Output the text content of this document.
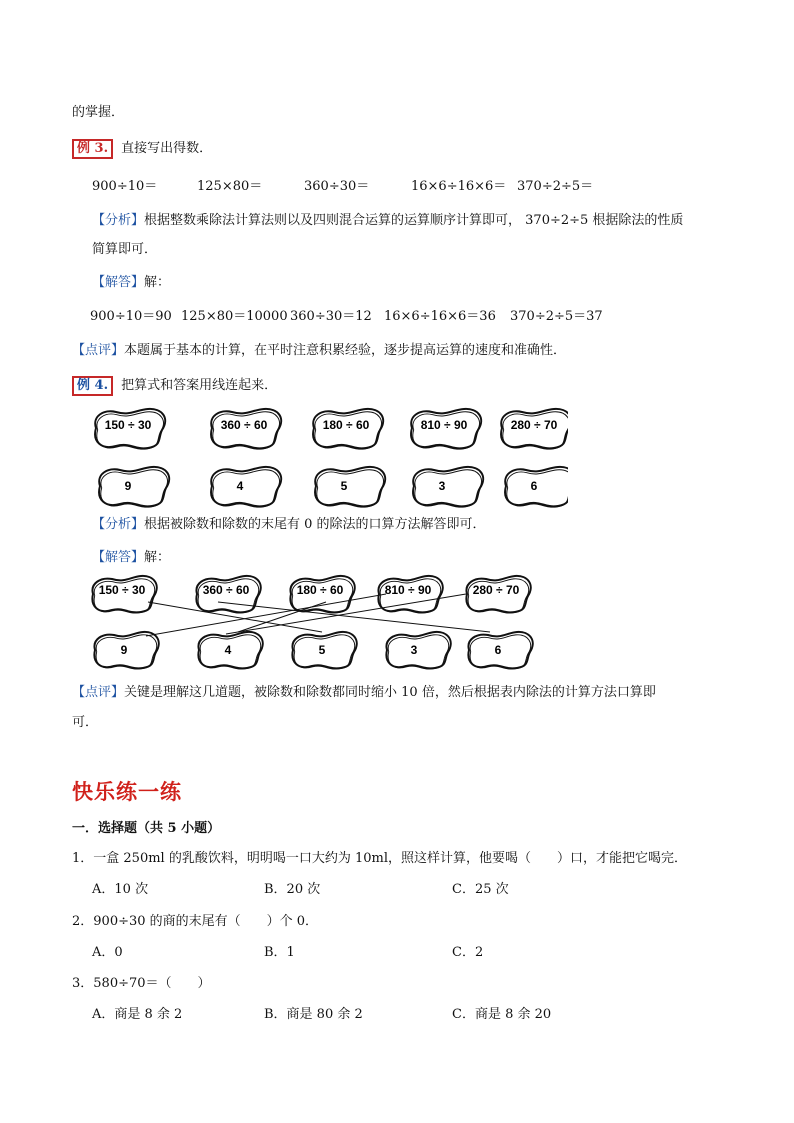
的掌握．
例 3. 直接写出得数．
900÷10＝	125×80＝	360÷30＝	16×6÷16×6＝ 370÷2÷5＝
【分析】根据整数乘除法计算法则以及四则混合运算的运算顺序计算即可， 370÷2÷5 根据除法的性质
简算即可．
【解答】解：
900÷10＝90 125×80＝10000 360÷30＝12 16×6÷16×6＝36 370÷2÷5＝37
【点评】本题属于基本的计算，在平时注意积累经验，逐步提高运算的速度和准确性．
例 4. 把算式和答案用线连起来．
150 ÷ 30	360 ÷ 60	180 ÷ 60	810 ÷ 90	280 ÷ 70
9	4	5	3	6
【分析】根据被除数和除数的末尾有 0 的除法的口算方法解答即可．
【解答】解：
150 ÷ 30	360 ÷ 60	180 ÷ 60	810 ÷ 90	280 ÷ 70
9	4	5	3	6
【点评】关键是理解这几道题，被除数和除数都同时缩小 10 倍，然后根据表内除法的计算方法口算即
可．
快乐练一练
一．选择题（共 5 小题）
1．一盒 250ml 的乳酸饮料，明明喝一口大约为 10ml，照这样计算，他要喝（　　）口，才能把它喝完．
A．10 次	B．20 次	C．25 次
2．900÷30 的商的末尾有（　　）个 0．
A．0	B．1	C．2
3．580÷70＝（　　）
A．商是 8 余 2	B．商是 80 余 2	C．商是 8 余 20
